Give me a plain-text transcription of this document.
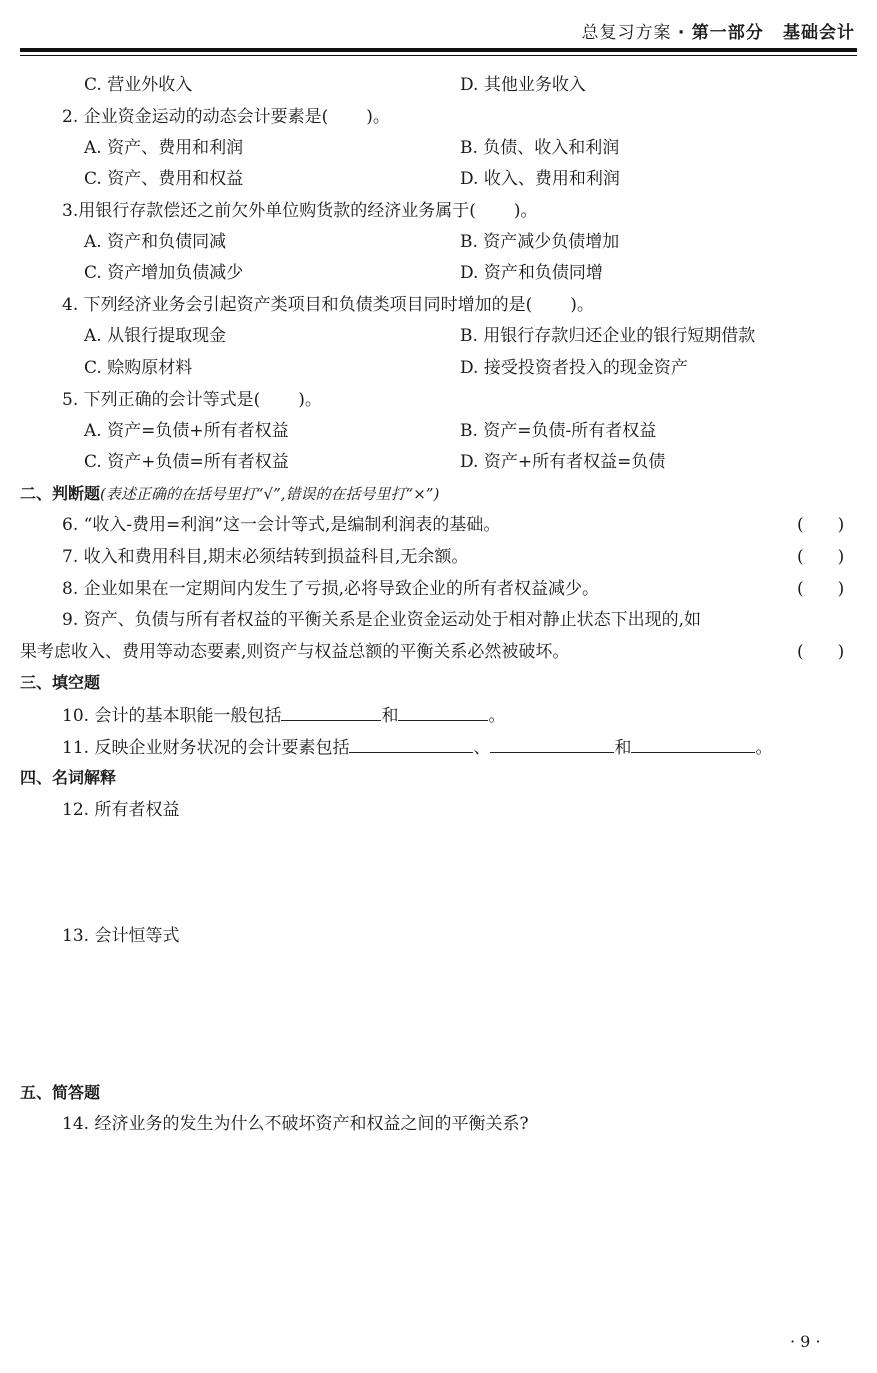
总复习方案 · 第一部分 基础会计
C. 营业外收入	D. 其他业务收入
2. 企业资金运动的动态会计要素是( )。
A. 资产、费用和利润	B. 负债、收入和利润
C. 资产、费用和权益	D. 收入、费用和利润
3.用银行存款偿还之前欠外单位购货款的经济业务属于( )。
A. 资产和负债同减	B. 资产减少负债增加
C. 资产增加负债减少	D. 资产和负债同增
4. 下列经济业务会引起资产类项目和负债类项目同时增加的是( )。
A. 从银行提取现金	B. 用银行存款归还企业的银行短期借款
C. 赊购原材料	D. 接受投资者投入的现金资产
5. 下列正确的会计等式是( )。
A. 资产=负债+所有者权益	B. 资产=负债-所有者权益
C. 资产+负债=所有者权益	D. 资产+所有者权益=负债
二、判断题(表述正确的在括号里打“√”,错误的在括号里打“×”)
6. “收入-费用=利润”这一会计等式,是编制利润表的基础。	( )
7. 收入和费用科目,期末必须结转到损益科目,无余额。	( )
8. 企业如果在一定期间内发生了亏损,必将导致企业的所有者权益减少。	( )
9. 资产、负债与所有者权益的平衡关系是企业资金运动处于相对静止状态下出现的,如
果考虑收入、费用等动态要素,则资产与权益总额的平衡关系必然被破坏。	( )
三、填空题
10. 会计的基本职能一般包括	和	。
11. 反映企业财务状况的会计要素包括	、	和	。
四、名词解释
12. 所有者权益
13. 会计恒等式
五、简答题
14. 经济业务的发生为什么不破坏资产和权益之间的平衡关系?
· 9 ·
